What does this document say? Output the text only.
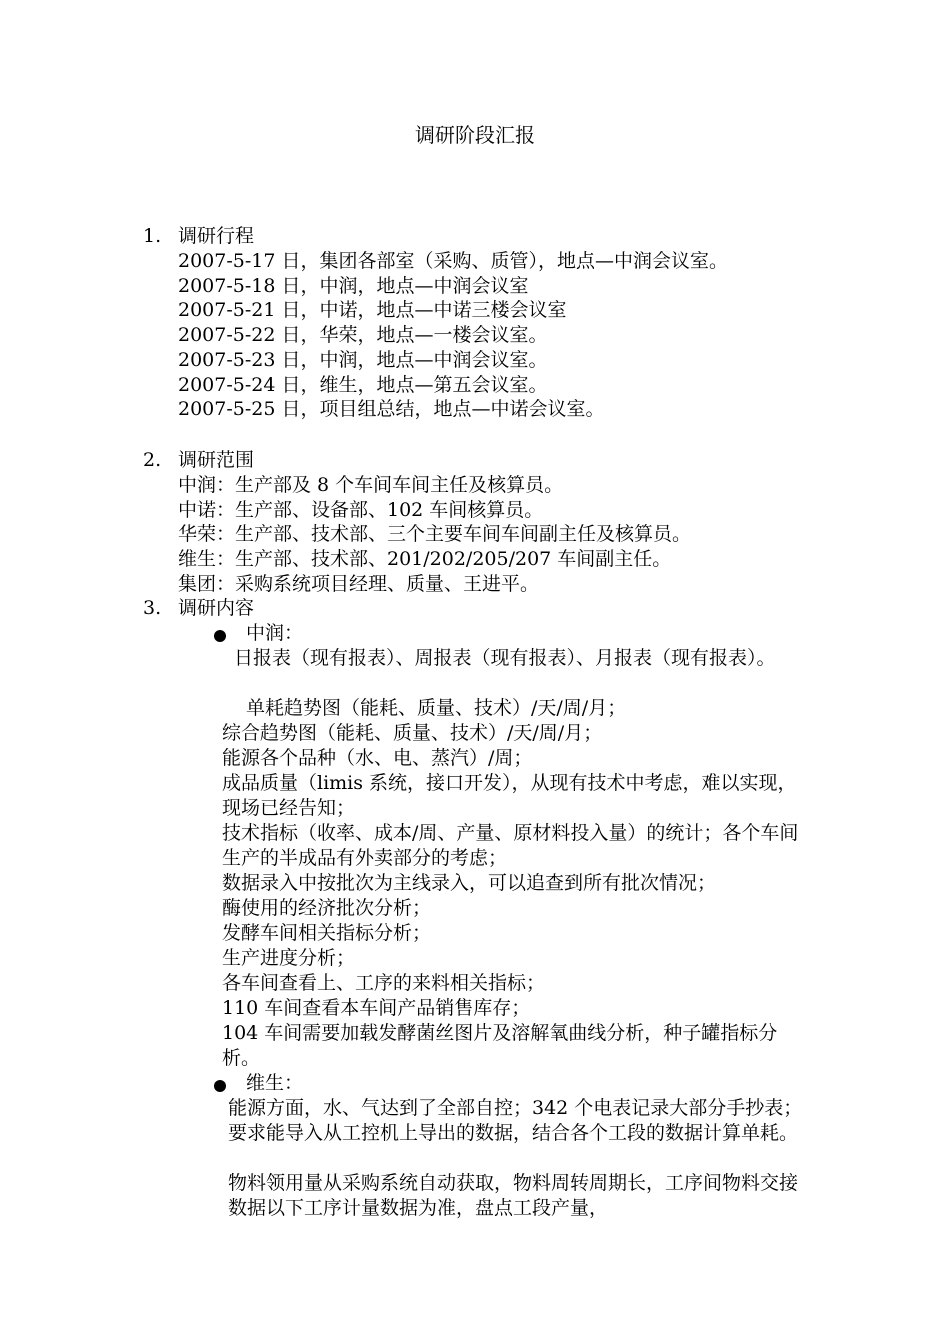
调研阶段汇报
1. 调研行程
2007-5-17 日，集团各部室（采购、质管），地点—中润会议室。
2007-5-18 日，中润，地点—中润会议室
2007-5-21 日，中诺，地点—中诺三楼会议室
2007-5-22 日，华荣，地点—一楼会议室。
2007-5-23 日，中润，地点—中润会议室。
2007-5-24 日，维生，地点—第五会议室。
2007-5-25 日，项目组总结，地点—中诺会议室。
2. 调研范围
中润：生产部及 8 个车间车间主任及核算员。
中诺：生产部、设备部、102 车间核算员。
华荣：生产部、技术部、三个主要车间车间副主任及核算员。
维生：生产部、技术部、201/202/205/207 车间副主任。
集团：采购系统项目经理、质量、王进平。
3. 调研内容
中润：
日报表（现有报表）、周报表（现有报表）、月报表（现有报表）。
单耗趋势图（能耗、质量、技术）/天/周/月；
综合趋势图（能耗、质量、技术）/天/周/月；
能源各个品种（水、电、蒸汽）/周；
成品质量（limis 系统，接口开发），从现有技术中考虑，难以实现，现场已经告知；
技术指标（收率、成本/周、产量、原材料投入量）的统计；各个车间生产的半成品有外卖部分的考虑；
数据录入中按批次为主线录入，可以追查到所有批次情况；
酶使用的经济批次分析；
发酵车间相关指标分析；
生产进度分析；
各车间查看上、工序的来料相关指标；
110 车间查看本车间产品销售库存；
104 车间需要加载发酵菌丝图片及溶解氧曲线分析，种子罐指标分析。
维生：
能源方面，水、气达到了全部自控；342 个电表记录大部分手抄表；要求能导入从工控机上导出的数据，结合各个工段的数据计算单耗。
物料领用量从采购系统自动获取，物料周转周期长，工序间物料交接数据以下工序计量数据为准，盘点工段产量，
